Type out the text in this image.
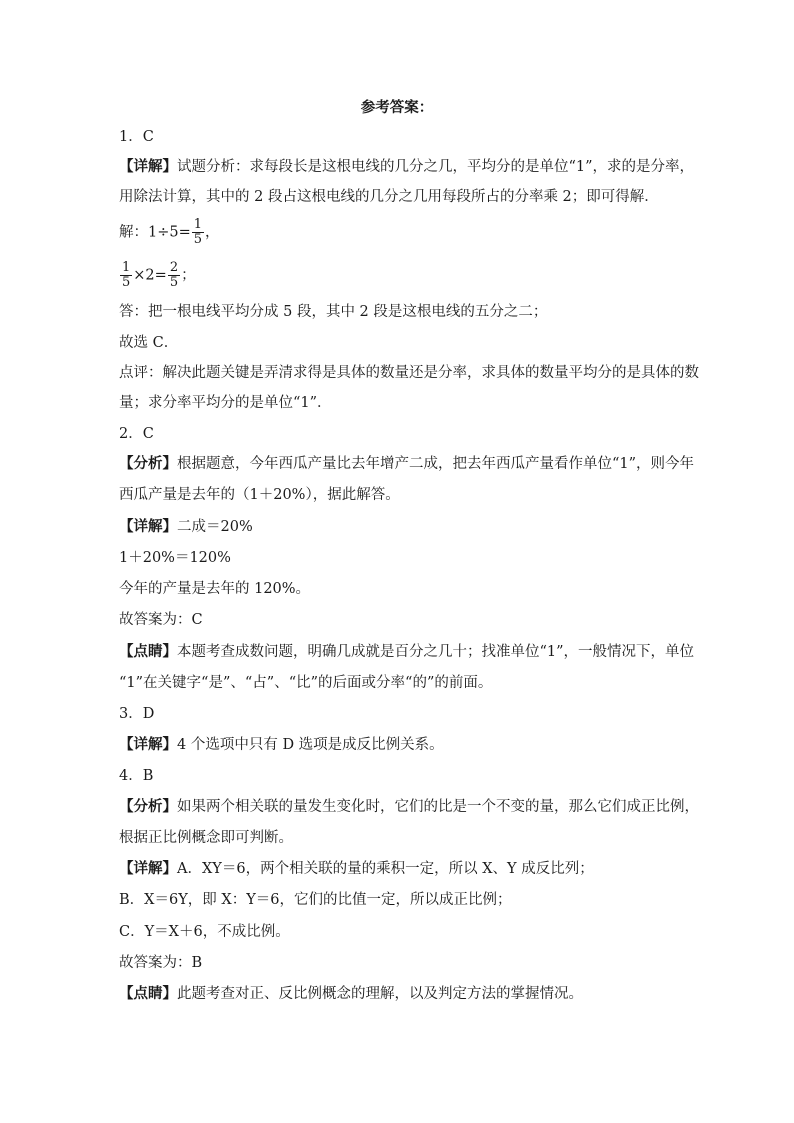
参考答案：
1．C
【详解】试题分析：求每段长是这根电线的几分之几，平均分的是单位“1”，求的是分率，
用除法计算，其中的 2 段占这根电线的几分之几用每段所占的分率乘 2；即可得解．
解：$1\div 5= \frac{1}{5}$ ，
$\frac{1}{5} \times 2= \frac{2}{5}$ ；
答：把一根电线平均分成 5 段，其中 2 段是这根电线的五分之二；
故选 C．
点评：解决此题关键是弄清求得是具体的数量还是分率，求具体的数量平均分的是具体的数
量；求分率平均分的是单位“1”．
2．C
【分析】根据题意，今年西瓜产量比去年增产二成，把去年西瓜产量看作单位“1”，则今年
西瓜产量是去年的（1＋20%），据此解答。
【详解】二成＝20%
1＋20%＝120%
今年的产量是去年的 120%。
故答案为：C
【点睛】本题考查成数问题，明确几成就是百分之几十；找准单位“1”，一般情况下，单位
“1”在关键字“是”、“占”、“比”的后面或分率“的”的前面。
3．D
【详解】4 个选项中只有 D 选项是成反比例关系。
4．B
【分析】如果两个相关联的量发生变化时，它们的比是一个不变的量，那么它们成正比例，
根据正比例概念即可判断。
【详解】A．XY＝6，两个相关联的量的乘积一定，所以 X、Y 成反比列；
B．X＝6Y，即 X：Y＝6，它们的比值一定，所以成正比例；
C．Y＝X＋6，不成比例。
故答案为：B
【点睛】此题考查对正、反比例概念的理解，以及判定方法的掌握情况。
